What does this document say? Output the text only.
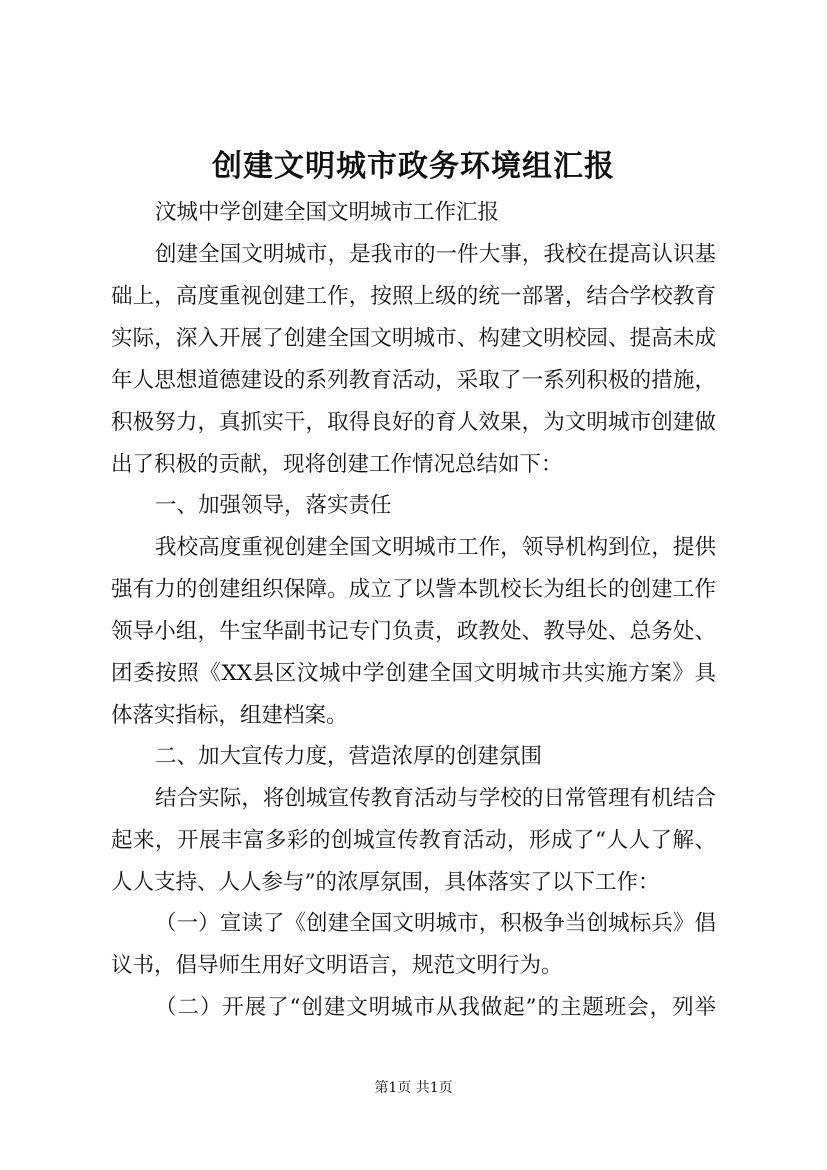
创建文明城市政务环境组汇报
汶城中学创建全国文明城市工作汇报
创建全国文明城市，是我市的一件大事，我校在提高认识基
础上，高度重视创建工作，按照上级的统一部署，结合学校教育
实际，深入开展了创建全国文明城市、构建文明校园、提高未成
年人思想道德建设的系列教育活动，采取了一系列积极的措施，
积极努力，真抓实干，取得良好的育人效果，为文明城市创建做
出了积极的贡献，现将创建工作情况总结如下：
一、加强领导，落实责任
我校高度重视创建全国文明城市工作，领导机构到位，提供
强有力的创建组织保障。成立了以訾本凯校长为组长的创建工作
领导小组，牛宝华副书记专门负责，政教处、教导处、总务处、
团委按照《XX县区汶城中学创建全国文明城市共实施方案》具
体落实指标，组建档案。
二、加大宣传力度，营造浓厚的创建氛围
结合实际，将创城宣传教育活动与学校的日常管理有机结合
起来，开展丰富多彩的创城宣传教育活动，形成了“人人了解、
人人支持、人人参与”的浓厚氛围，具体落实了以下工作：
（一）宣读了《创建全国文明城市，积极争当创城标兵》倡
议书，倡导师生用好文明语言，规范文明行为。
（二）开展了“创建文明城市从我做起”的主题班会，列举
第1页 共1页
